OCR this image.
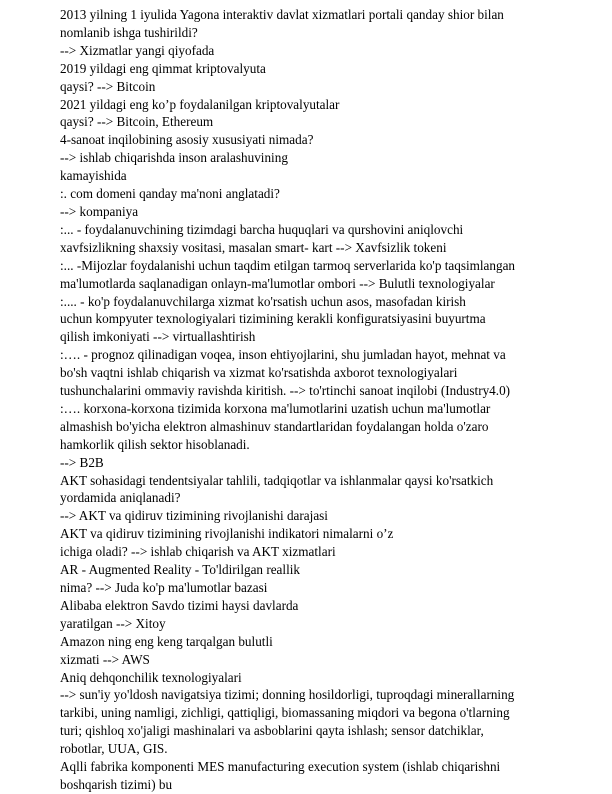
2013 yilning 1 iyulida Yagona interaktiv davlat xizmatlari portali qanday shior bilan
nomlanib ishga tushirildi?
--> Xizmatlar yangi qiyofada
2019 yildagi eng qimmat kriptovalyuta
qaysi? --> Bitcoin
2021 yildagi eng ko’p foydalanilgan kriptovalyutalar
qaysi? --> Bitcoin, Ethereum
4-sanoat inqilobining asosiy xususiyati nimada?
--> ishlab chiqarishda inson aralashuvining
kamayishida
:. com domeni qanday ma'noni anglatadi?
--> kompaniya
:... - foydalanuvchining tizimdagi barcha huquqlari va qurshovini aniqlovchi
xavfsizlikning shaxsiy vositasi, masalan smart- kart --> Xavfsizlik tokeni
:... -Mijozlar foydalanishi uchun taqdim etilgan tarmoq serverlarida ko'p taqsimlangan
ma'lumotlarda saqlanadigan onlayn-ma'lumotlar ombori --> Bulutli texnologiyalar
:.... - ko'p foydalanuvchilarga xizmat ko'rsatish uchun asos, masofadan kirish
uchun kompyuter texnologiyalari tizimining kerakli konfiguratsiyasini buyurtma
qilish imkoniyati --> virtuallashtirish
:…. - prognoz qilinadigan voqea, inson ehtiyojlarini, shu jumladan hayot, mehnat va
bo'sh vaqtni ishlab chiqarish va xizmat ko'rsatishda axborot texnologiyalari
tushunchalarini ommaviy ravishda kiritish. --> to'rtinchi sanoat inqilobi (Industry4.0)
:…. korxona-korxona tizimida korxona ma'lumotlarini uzatish uchun ma'lumotlar
almashish bo'yicha elektron almashinuv standartlaridan foydalangan holda o'zaro
hamkorlik qilish sektor hisoblanadi.
--> B2B
AKT sohasidagi tendentsiyalar tahlili, tadqiqotlar va ishlanmalar qaysi ko'rsatkich
yordamida aniqlanadi?
--> AKT va qidiruv tizimining rivojlanishi darajasi
AKT va qidiruv tizimining rivojlanishi indikatori nimalarni o’z
ichiga oladi? --> ishlab chiqarish va AKT xizmatlari
AR - Augmented Reality - To'ldirilgan reallik
nima? --> Juda ko'p ma'lumotlar bazasi
Alibaba elektron Savdo tizimi haysi davlarda
yaratilgan --> Xitoy
Amazon ning eng keng tarqalgan bulutli
xizmati --> AWS
Aniq dehqonchilik texnologiyalari
--> sun'iy yo'ldosh navigatsiya tizimi; donning hosildorligi, tuproqdagi minerallarning
tarkibi, uning namligi, zichligi, qattiqligi, biomassaning miqdori va begona o'tlarning
turi; qishloq xo'jaligi mashinalari va asboblarini qayta ishlash; sensor datchiklar,
robotlar, UUA, GIS.
Aqlli fabrika komponenti MES manufacturing execution system (ishlab chiqarishni
boshqarish tizimi) bu
